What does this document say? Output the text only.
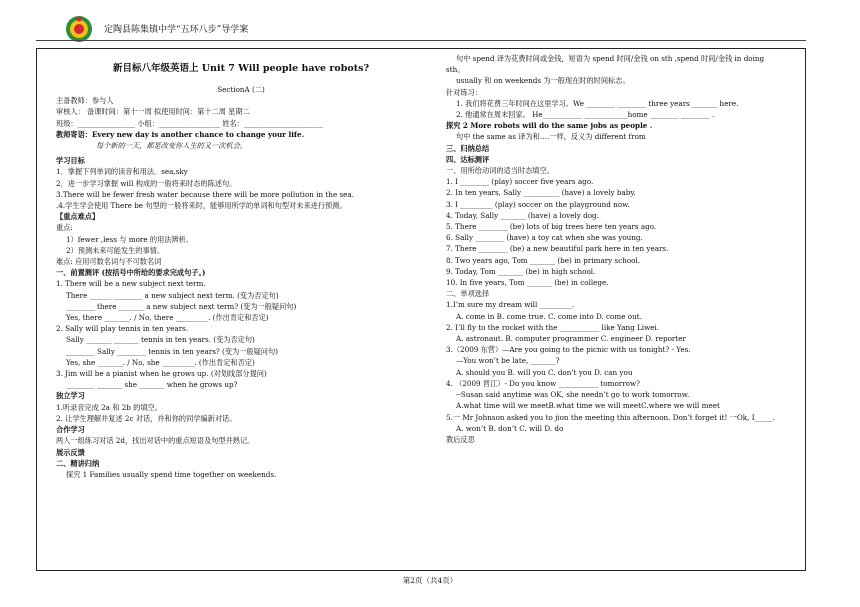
定陶县陈集镇中学“五环八步”导学案
新目标八年级英语上 Unit 7 Will people have robots?
SectionA (二)
主备教师：参与人
审核人： 备课时间：第十一周 拟使用时间：第十二周 星期二
班级：________________ 小组：_________________ 姓名：______________________
教师寄语：Every new day is another chance to change your life.
每个新的一天，都是改变你人生的又一次机会。
学习目标
1．掌握下列单词的读音和用法．sea,sky
2．进一步学习掌握 will 构成的一般将来时态的陈述句。
3.There will be fewer fresh water because there will be more pollution in the sea.
.4.学生学会使用 There be 句型的一般将来时，能够用所学的单词和句型对未来进行预测。
【重点难点】
重点:
1）fewer ,less 与 more 的用法辨析。
2）预测未来可能发生的事情。
难点: 应用可数名词与不可数名词
一、前置测评 (按括号中所给的要求完成句子。)
1. There will be a new subject next term.
There ______ ________ a new subject next term. (变为否定句)
________ there _______ a new subject next term? (变为一般疑问句)
Yes, there _______. / No, there _________. (作出肯定和否定)
2. Sally will play tennis in ten years.
Sally _______ _______ tennis in ten years. (变为否定句)
________ Sally ________ tennis in ten years? (变为一般疑问句)
Yes, she _______. / No, she _________. (作出肯定和否定)
3. Jim will be a pianist when he grows up. (对划线部分提问)
________ _______ she _______ when he grows up?
独立学习
1.听录音完成 2a 和 2b 的填空。
2. 让学生理解并复述 2c 对话，并和你的同学编新对话。
合作学习
两人一组练习对话 2d，找出对话中的重点短语及句型并熟记。
展示反馈
二、精讲归纳
探究 1 Families usually spend time together on weekends.
句中 spend 译为花费时间或金钱，短语为 spend 时间/金钱 on sth ,spend 时间/金钱 in doing
sth。
usually 和 on weekends 为一般现在时的时间标志。
针对练习：
1. 我们将花费三年时间在这里学习。We ________ ________ three years _______ here.
2. 他通常在周末回家。 He___________ ____________home ________ ________ .
探究 2 More robots will do the same jobs as people .
句中 the same as 译为和….一样，反义为 different from
三、归纳总结
四、达标测评
一、用所给动词的适当时态填空。
1. I ________ (play) soccer five years ago.
2. In ten years, Sally __________ (have) a lovely baby.
3. I _________ (play) soccer on the playground now.
4. Today, Sally _______ (have) a lovely dog.
5. There ________ (be) lots of big trees here ten years ago.
6. Sally ________ (have) a toy cat when she was young.
7. There ________ (be) a new beautiful park here in ten years.
8. Two years ago, Tom _______ (be) in primary school.
9. Today, Tom _______ (be) in high school.
10. In five years, Tom _______ (be) in college.
二、单项选择
1.I’m sure my dream will _________.
A. come in B. come true. C. come into D. come out.
2. I’ll fly to the rocket with the ___________ like Yang Liwei.
A. astronaut. B. computer programmer C. engineer D. reporter
3.（2009 东营）—Are you going to the picnic with us tonight? - Yes.
—You won’t be late, _______?
A. should you B. will you C. don’t you D. can you
4. （2009 晋江）- Do you know ___________ tomorrow?
--Susan said anytime was OK, she needn’t go to work tomorrow.
A.what time will we meetB.what time we will meetC.where we will meet
5.一 Mr Johnson asked you to jion the meeting this afternoon. Don’t forget it! 一Ok, I_____.
A. won’t B. don’t C. will D. do
教后反思
第2页（共4页）
